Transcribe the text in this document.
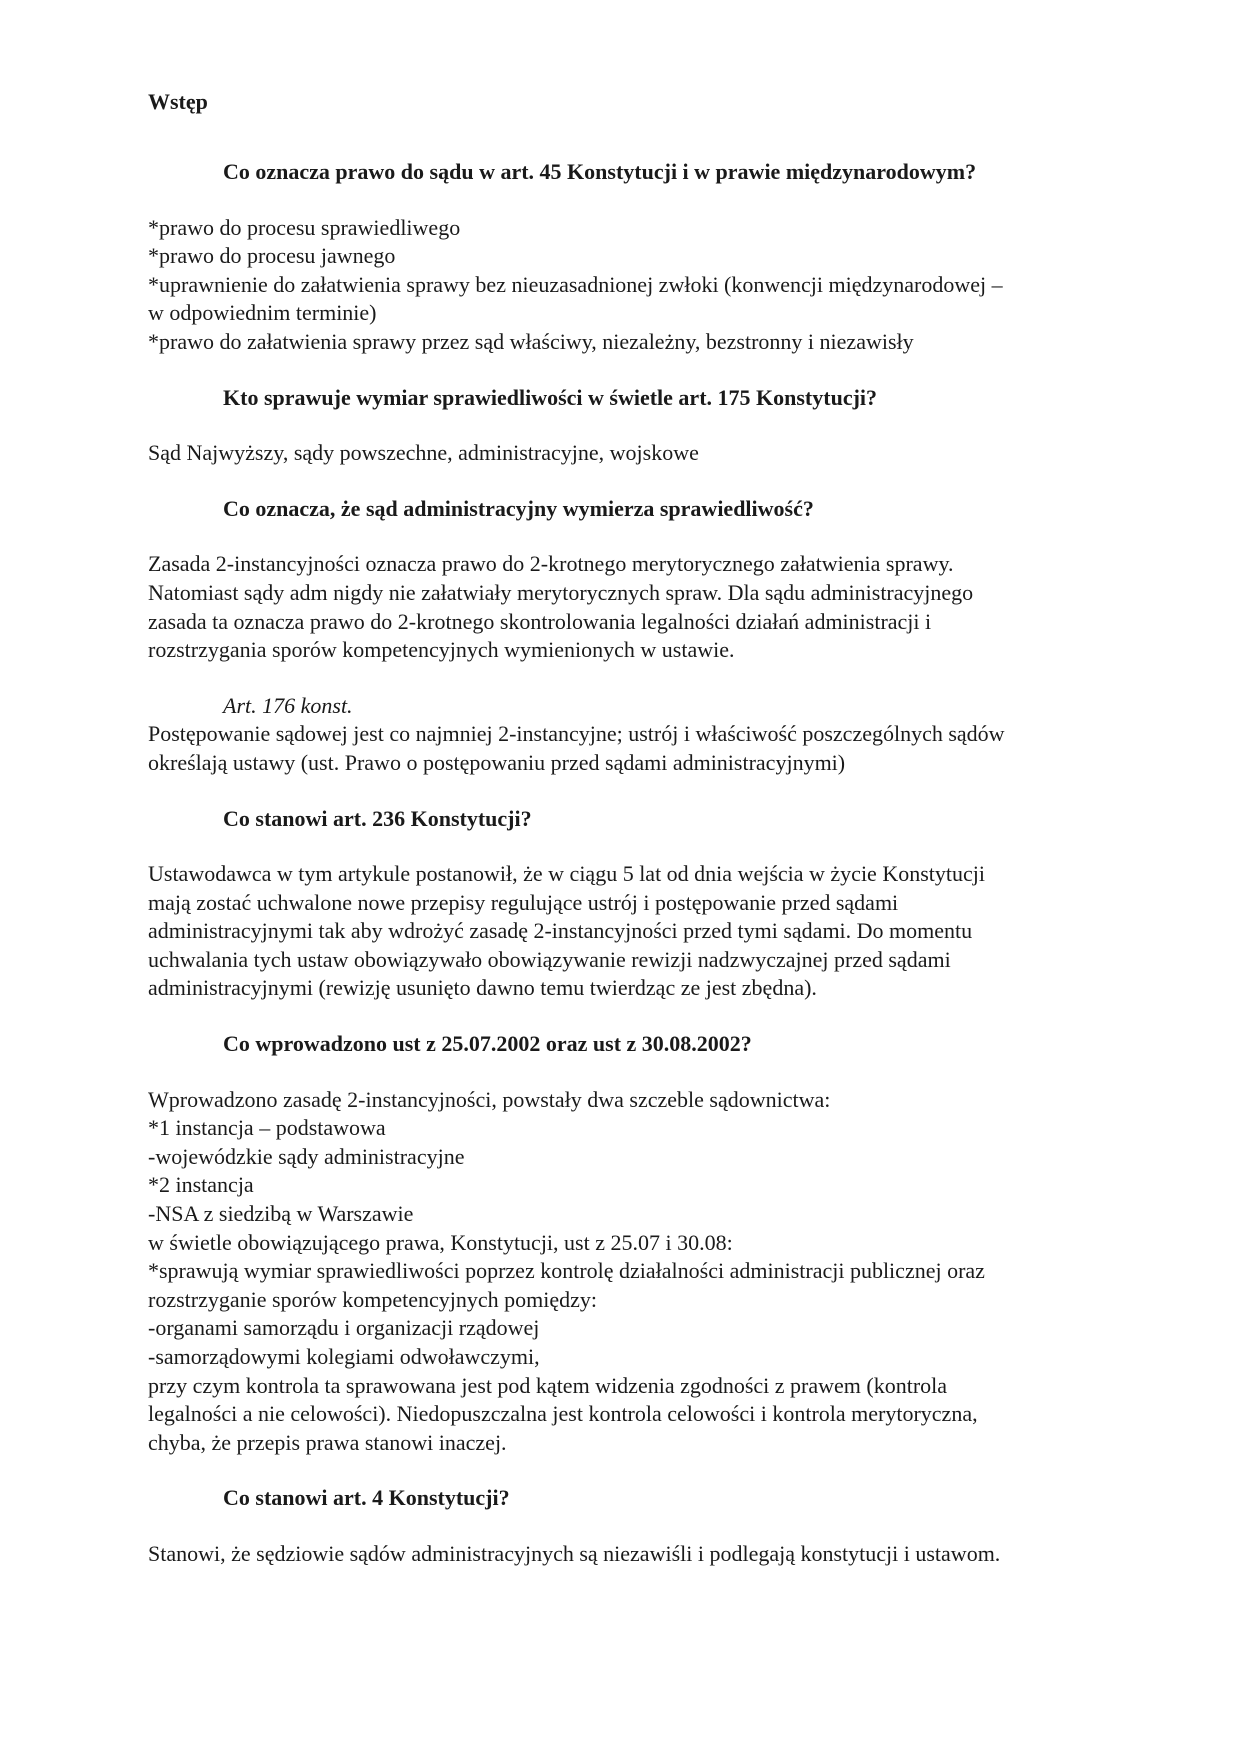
Wstęp
Co oznacza prawo do sądu w art. 45 Konstytucji i w prawie międzynarodowym?
*prawo do procesu sprawiedliwego
*prawo do procesu jawnego
*uprawnienie do załatwienia sprawy bez nieuzasadnionej zwłoki (konwencji międzynarodowej –
w odpowiednim terminie)
*prawo do załatwienia sprawy przez sąd właściwy, niezależny, bezstronny i niezawisły
Kto sprawuje wymiar sprawiedliwości w świetle art. 175 Konstytucji?
Sąd Najwyższy, sądy powszechne, administracyjne, wojskowe
Co oznacza, że sąd administracyjny wymierza sprawiedliwość?
Zasada 2-instancyjności oznacza prawo do 2-krotnego merytorycznego załatwienia sprawy.
Natomiast sądy adm nigdy nie załatwiały merytorycznych spraw. Dla sądu administracyjnego
zasada ta oznacza prawo do 2-krotnego skontrolowania legalności działań administracji i
rozstrzygania sporów kompetencyjnych wymienionych w ustawie.
Art. 176 konst.
Postępowanie sądowej jest co najmniej 2-instancyjne; ustrój i właściwość poszczególnych sądów
określają ustawy (ust. Prawo o postępowaniu przed sądami administracyjnymi)
Co stanowi art. 236 Konstytucji?
Ustawodawca w tym artykule postanowił, że w ciągu 5 lat od dnia wejścia w życie Konstytucji
mają zostać uchwalone nowe przepisy regulujące ustrój i postępowanie przed sądami
administracyjnymi tak aby wdrożyć zasadę 2-instancyjności przed tymi sądami. Do momentu
uchwalania tych ustaw obowiązywało obowiązywanie rewizji nadzwyczajnej przed sądami
administracyjnymi (rewizję usunięto dawno temu twierdząc ze jest zbędna).
Co wprowadzono ust z 25.07.2002 oraz ust z 30.08.2002?
Wprowadzono zasadę 2-instancyjności, powstały dwa szczeble sądownictwa:
*1 instancja – podstawowa
-wojewódzkie sądy administracyjne
*2 instancja
-NSA z siedzibą w Warszawie
w świetle obowiązującego prawa, Konstytucji, ust z 25.07 i 30.08:
*sprawują wymiar sprawiedliwości poprzez kontrolę działalności administracji publicznej oraz
rozstrzyganie sporów kompetencyjnych pomiędzy:
-organami samorządu i organizacji rządowej
-samorządowymi kolegiami odwoławczymi,
przy czym kontrola ta sprawowana jest pod kątem widzenia zgodności z prawem (kontrola
legalności a nie celowości). Niedopuszczalna jest kontrola celowości i kontrola merytoryczna,
chyba, że przepis prawa stanowi inaczej.
Co stanowi art. 4 Konstytucji?
Stanowi, że sędziowie sądów administracyjnych są niezawiśli i podlegają konstytucji i ustawom.
